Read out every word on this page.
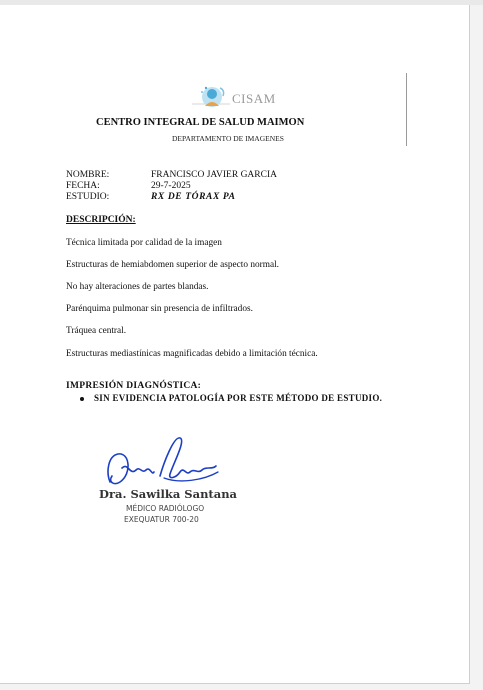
CISAM
CENTRO INTEGRAL DE SALUD MAIMON
DEPARTAMENTO DE IMAGENES
NOMBRE:	FRANCISCO JAVIER GARCIA
FECHA:	29-7-2025
ESTUDIO:	RX DE TÓRAX PA
DESCRIPCIÓN:
Técnica limitada por calidad de la imagen
Estructuras de hemiabdomen superior de aspecto normal.
No hay alteraciones de partes blandas.
Parénquima pulmonar sin presencia de infiltrados.
Tráquea central.
Estructuras mediastínicas magnificadas debido a limitación técnica.
IMPRESIÓN DIAGNÓSTICA:
SIN EVIDENCIA PATOLOGÍA POR ESTE MÉTODO DE ESTUDIO.
Dra. Sawilka Santana
MÉDICO RADIÓLOGO
EXEQUATUR 700-20
